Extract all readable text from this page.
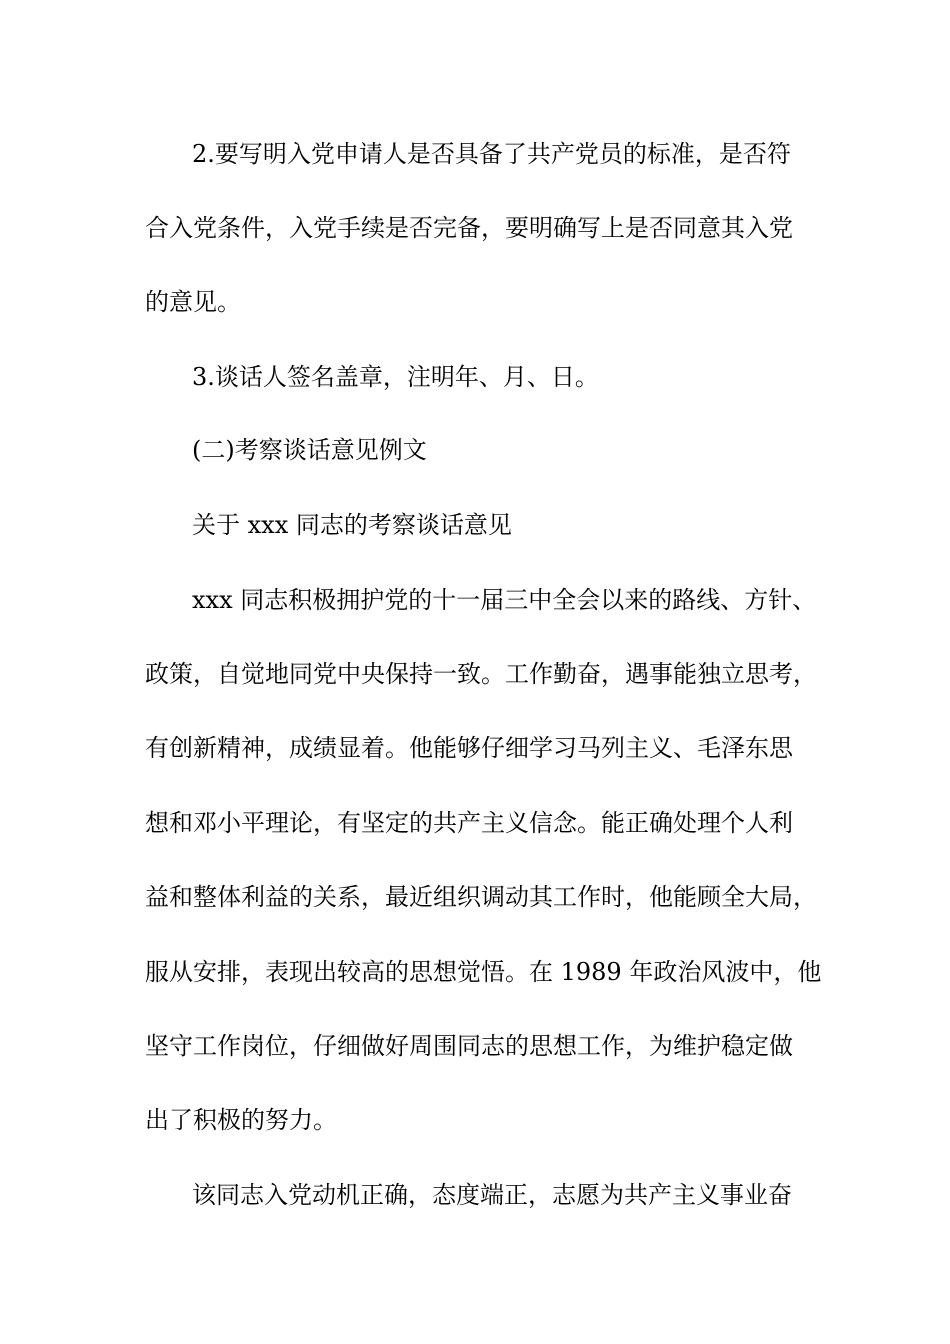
2.要写明入党申请人是否具备了共产党员的标准，是否符
合入党条件，入党手续是否完备，要明确写上是否同意其入党
的意见。
3.谈话人签名盖章，注明年、月、日。
(二)考察谈话意见例文
关于 xxx 同志的考察谈话意见
xxx 同志积极拥护党的十一届三中全会以来的路线、方针、
政策，自觉地同党中央保持一致。工作勤奋，遇事能独立思考，
有创新精神，成绩显着。他能够仔细学习马列主义、毛泽东思
想和邓小平理论，有坚定的共产主义信念。能正确处理个人利
益和整体利益的关系，最近组织调动其工作时，他能顾全大局，
服从安排，表现出较高的思想觉悟。在 1989 年政治风波中，他
坚守工作岗位，仔细做好周围同志的思想工作，为维护稳定做
出了积极的努力。
该同志入党动机正确，态度端正，志愿为共产主义事业奋
